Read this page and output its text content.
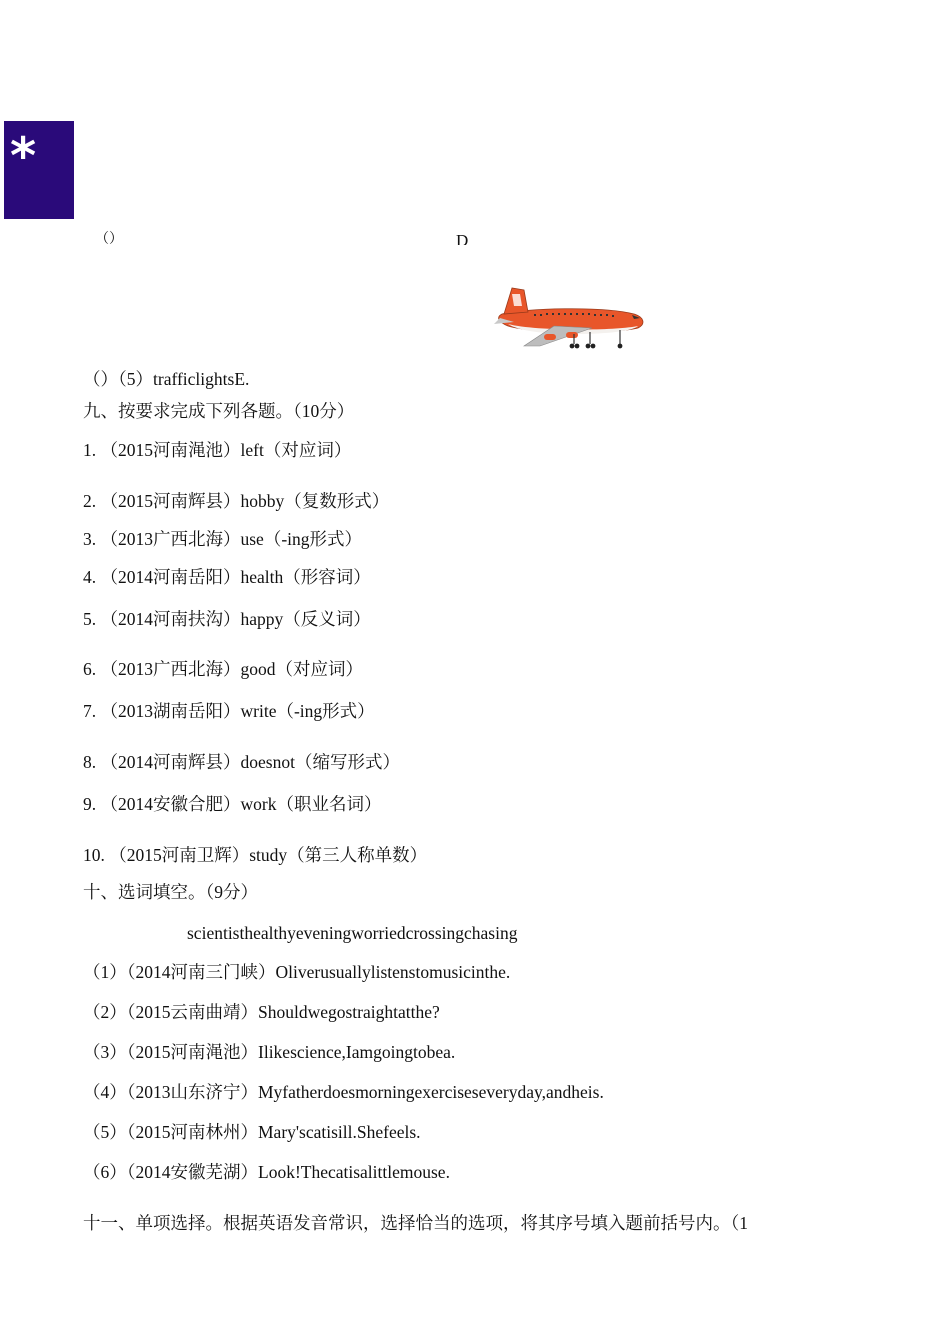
*
（）	D
（）（5）trafficlightsE.
九、按要求完成下列各题。（10分）
1. （2015河南渑池）left（对应词）
2. （2015河南辉县）hobby（复数形式）
3. （2013广西北海）use（-ing形式）
4. （2014河南岳阳）health（形容词）
5. （2014河南扶沟）happy（反义词）
6. （2013广西北海）good（对应词）
7. （2013湖南岳阳）write（-ing形式）
8. （2014河南辉县）doesnot（缩写形式）
9. （2014安徽合肥）work（职业名词）
10. （2015河南卫辉）study（第三人称单数）
十、选词填空。（9分）
scientisthealthyeveningworriedcrossingchasing
（1）（2014河南三门峡）Oliverusuallylistenstomusicinthe.
（2）（2015云南曲靖）Shouldwegostraightatthe?
（3）（2015河南渑池）Ilikescience,Iamgoingtobea.
（4）（2013山东济宁）Myfatherdoesmorningexerciseseveryday,andheis.
（5）（2015河南林州）Mary'scatisill.Shefeels.
（6）（2014安徽芜湖）Look!Thecatisalittlemouse.
十一、单项选择。根据英语发音常识，选择恰当的选项，将其序号填入题前括号内。（1
